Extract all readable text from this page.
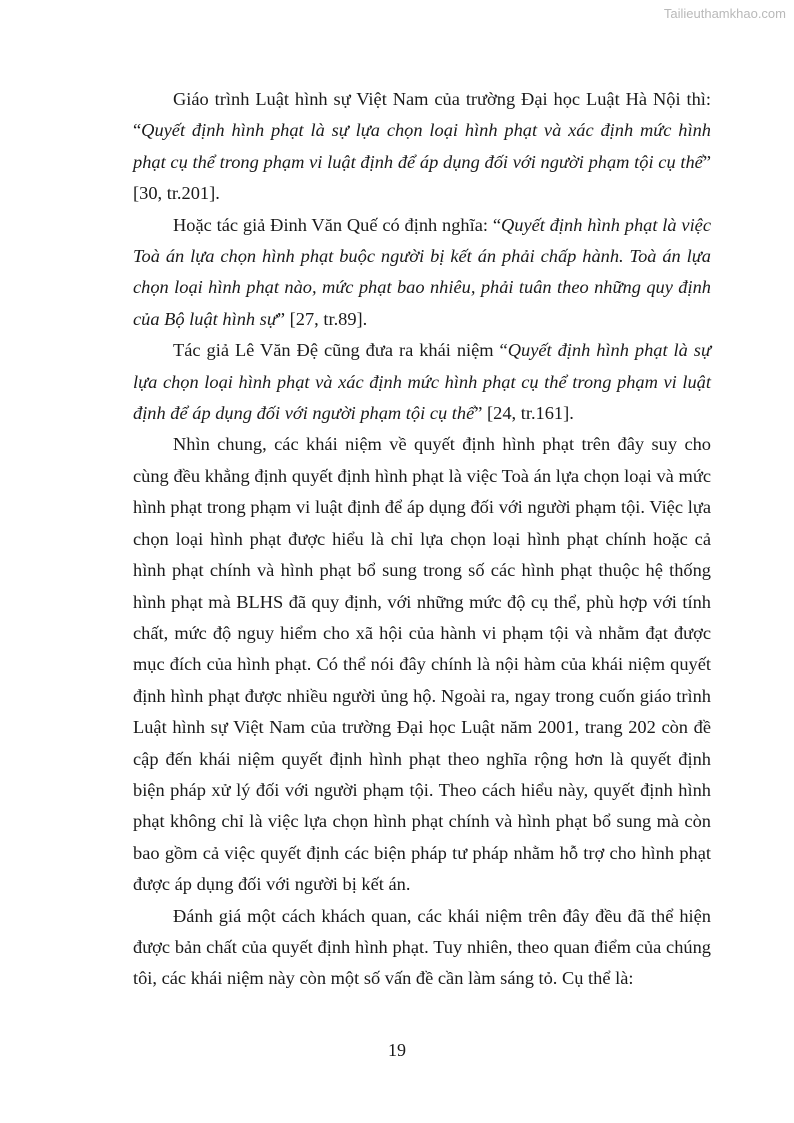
Tailieuthamkhao.com

Giáo trình Luật hình sự Việt Nam của trường Đại học Luật Hà Nội thì: “Quyết định hình phạt là sự lựa chọn loại hình phạt và xác định mức hình phạt cụ thể trong phạm vi luật định để áp dụng đối với người phạm tội cụ thể” [30, tr.201].

Hoặc tác giả Đinh Văn Quế có định nghĩa: “Quyết định hình phạt là việc Toà án lựa chọn hình phạt buộc người bị kết án phải chấp hành. Toà án lựa chọn loại hình phạt nào, mức phạt bao nhiêu, phải tuân theo những quy định của Bộ luật hình sự” [27, tr.89].

Tác giả Lê Văn Đệ cũng đưa ra khái niệm “Quyết định hình phạt là sự lựa chọn loại hình phạt và xác định mức hình phạt cụ thể trong phạm vi luật định để áp dụng đối với người phạm tội cụ thể” [24, tr.161].

Nhìn chung, các khái niệm về quyết định hình phạt trên đây suy cho cùng đều khẳng định quyết định hình phạt là việc Toà án lựa chọn loại và mức hình phạt trong phạm vi luật định để áp dụng đối với người phạm tội. Việc lựa chọn loại hình phạt được hiểu là chỉ lựa chọn loại hình phạt chính hoặc cả hình phạt chính và hình phạt bổ sung trong số các hình phạt thuộc hệ thống hình phạt mà BLHS đã quy định, với những mức độ cụ thể, phù hợp với tính chất, mức độ nguy hiểm cho xã hội của hành vi phạm tội và nhằm đạt được mục đích của hình phạt. Có thể nói đây chính là nội hàm của khái niệm quyết định hình phạt được nhiều người ủng hộ. Ngoài ra, ngay trong cuốn giáo trình Luật hình sự Việt Nam của trường Đại học Luật năm 2001, trang 202 còn đề cập đến khái niệm quyết định hình phạt theo nghĩa rộng hơn là quyết định biện pháp xử lý đối với người phạm tội. Theo cách hiểu này, quyết định hình phạt không chỉ là việc lựa chọn hình phạt chính và hình phạt bổ sung mà còn bao gồm cả việc quyết định các biện pháp tư pháp nhằm hỗ trợ cho hình phạt được áp dụng đối với người bị kết án.

Đánh giá một cách khách quan, các khái niệm trên đây đều đã thể hiện được bản chất của quyết định hình phạt. Tuy nhiên, theo quan điểm của chúng tôi, các khái niệm này còn một số vấn đề cần làm sáng tỏ. Cụ thể là:

19
